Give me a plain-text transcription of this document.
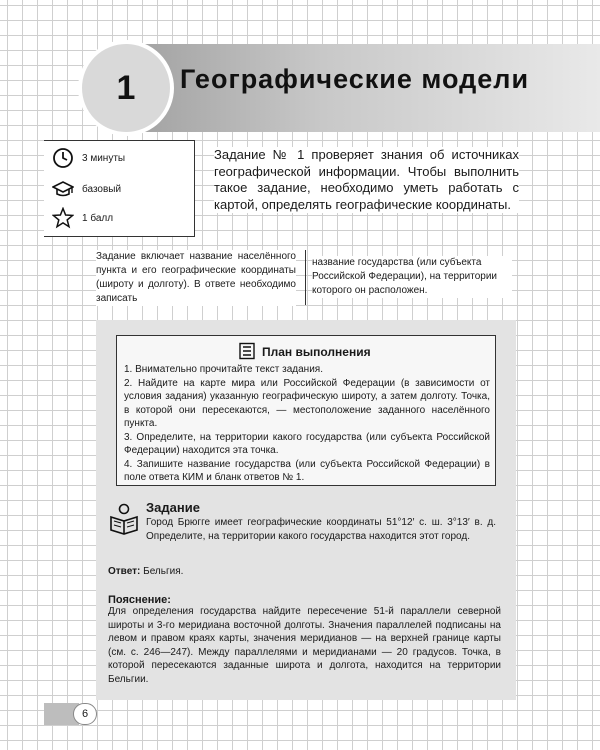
1 Географические модели
3 минуты
базовый
1 балл
Задание № 1 проверяет знания об источниках географической информации. Чтобы выполнить такое задание, необходимо уметь работать с картой, определять географические координаты.
Задание включает название населённого пункта и его географические координаты (широту и долготу). В ответе необходимо записать
название государства (или субъекта Российской Федерации), на территории которого он расположен.
План выполнения
1. Внимательно прочитайте текст задания.
2. Найдите на карте мира или Российской Федерации (в зависимости от условия задания) указанную географическую широту, а затем долготу. Точка, в которой они пересекаются, — местоположение заданного населённого пункта.
3. Определите, на территории какого государства (или субъекта Российской Федерации) находится эта точка.
4. Запишите название государства (или субъекта Российской Федерации) в поле ответа КИМ и бланк ответов № 1.
Задание
Город Брюгге имеет географические координаты 51°12′ с. ш. 3°13′ в. д. Определите, на территории какого государства находится этот город.
Ответ: Бельгия.
Пояснение:
Для определения государства найдите пересечение 51-й параллели северной широты и 3-го меридиана восточной долготы. Значения параллелей подписаны на левом и правом краях карты, значения меридианов — на верхней границе карты (см. с. 246—247). Между параллелями и меридианами — 20 градусов. Точка, в которой пересекаются заданные широта и долгота, находится на территории Бельгии.
6
